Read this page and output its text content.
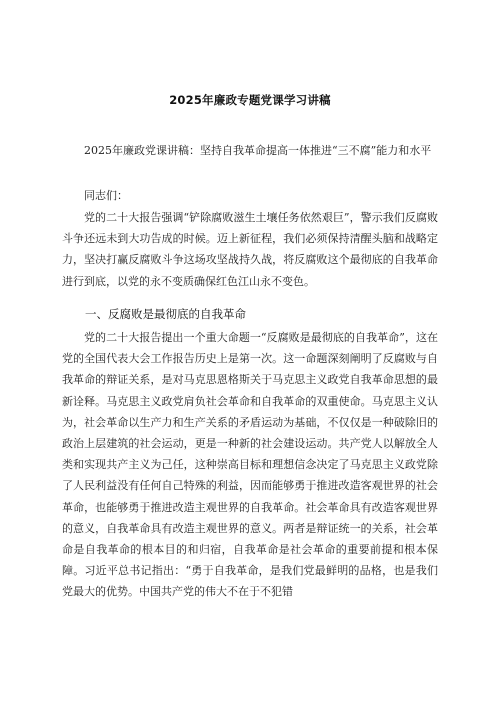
2025年廉政专题党课学习讲稿

2025年廉政党课讲稿：坚持自我革命提高一体推进“三不腐”能力和水平

同志们：

党的二十大报告强调“铲除腐败滋生土壤任务依然艰巨”，警示我们反腐败斗争还远未到大功告成的时候。迈上新征程，我们必须保持清醒头脑和战略定力，坚决打赢反腐败斗争这场攻坚战持久战，将反腐败这个最彻底的自我革命进行到底，以党的永不变质确保红色江山永不变色。

一、反腐败是最彻底的自我革命

党的二十大报告提出一个重大命题一“反腐败是最彻底的自我革命”，这在党的全国代表大会工作报告历史上是第一次。这一命题深刻阐明了反腐败与自我革命的辩证关系，是对马克思恩格斯关于马克思主义政党自我革命思想的最新诠释。马克思主义政党肩负社会革命和自我革命的双重使命。马克思主义认为，社会革命以生产力和生产关系的矛盾运动为基础，不仅仅是一种破除旧的政治上层建筑的社会运动，更是一种新的社会建设运动。共产党人以解放全人类和实现共产主义为己任，这种崇高目标和理想信念决定了马克思主义政党除了人民利益没有任何自己特殊的利益，因而能够勇于推进改造客观世界的社会革命，也能够勇于推进改造主观世界的自我革命。社会革命具有改造客观世界的意义，自我革命具有改造主观世界的意义。两者是辩证统一的关系，社会革命是自我革命的根本目的和归宿，自我革命是社会革命的重要前提和根本保障。习近平总书记指出：“勇于自我革命，是我们党最鲜明的品格，也是我们党最大的优势。中国共产党的伟大不在于不犯错
